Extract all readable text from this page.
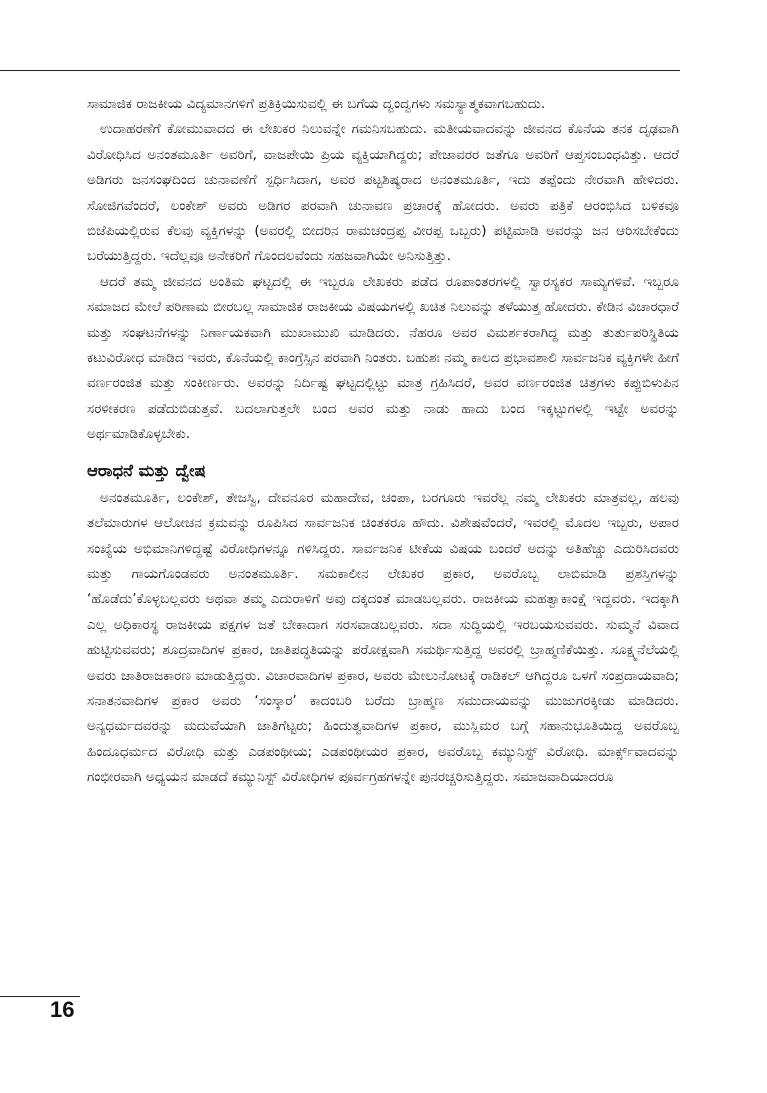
ಸಾಮಾಜಿಕ ರಾಜಕೀಯ ವಿದ್ಯಮಾನಗಳಿಗೆ ಪ್ರತಿಕ್ರಿಯಿಸುವಲ್ಲಿ ಈ ಬಗೆಯ ದ್ವಂದ್ವಗಳು ಸಮಸ್ಯಾತ್ಮಕವಾಗಬಹುದು.

ಉದಾಹರಣೆಗೆ ಕೋಮುವಾದದ ಈ ಲೇಖಕರ ನಿಲುವನ್ನೇ ಗಮನಿಸಬಹುದು. ಮತೀಯವಾದವನ್ನು ಜೀವನದ ಕೊನೆಯ ತನಕ ದೃಢವಾಗಿ ವಿರೋಧಿಸಿದ ಅನಂತಮೂರ್ತಿ ಅವರಿಗೆ, ವಾಜಪೇಯಿ ಪ್ರಿಯ ವ್ಯಕ್ತಿಯಾಗಿದ್ದರು; ಪೇಜಾವರರ ಜತೆಗೂ ಅವರಿಗೆ ಆಪ್ತಸಂಬಂಧವಿತ್ತು. ಆದರೆ ಅಡಿಗರು ಜನಸಂಘದಿಂದ ಚುನಾವಣೆಗೆ ಸ್ಪರ್ಧಿಸಿದಾಗ, ಅವರ ಪಟ್ಟಶಿಷ್ಯರಾದ ಅನಂತಮೂರ್ತಿ, ಇದು ತಪ್ಪೆಂದು ನೇರವಾಗಿ ಹೇಳಿದರು. ಸೋಜಿಗವೆಂದರೆ, ಲಂಕೇಶ್ ಅವರು ಅಡಿಗರ ಪರವಾಗಿ ಚುನಾವಣ ಪ್ರಚಾರಕ್ಕೆ ಹೋದರು. ಅವರು ಪತ್ರಿಕೆ ಆರಂಭಿಸಿದ ಬಳಿಕವೂ ಬಿಜೆಪಿಯಲ್ಲಿರುವ ಕೆಲವು ವ್ಯಕ್ತಿಗಳನ್ನು (ಅವರಲ್ಲಿ ಬೀದರಿನ ರಾಮಚಂದ್ರಪ್ಪ ವೀರಪ್ಪ ಒಬ್ಬರು) ಪಟ್ಟಿಮಾಡಿ ಅವರನ್ನು ಜನ ಆರಿಸಬೇಕೆಂದು ಬರೆಯುತ್ತಿದ್ದರು. ಇದೆಲ್ಲವೂ ಅನೇಕರಿಗೆ ಗೊಂದಲವೆಂದು ಸಹಜವಾಗಿಯೇ ಅನಿಸುತ್ತಿತ್ತು.

ಆದರೆ ತಮ್ಮ ಜೀವನದ ಅಂತಿಮ ಘಟ್ಟದಲ್ಲಿ ಈ ಇಬ್ಬರೂ ಲೇಖಕರು ಪಡೆದ ರೂಪಾಂತರಗಳಲ್ಲಿ ಸ್ವಾರಸ್ಯಕರ ಸಾಮ್ಯಗಳಿವೆ. ಇಬ್ಬರೂ ಸಮಾಜದ ಮೇಲೆ ಪರಿಣಾಮ ಬೀರಬಲ್ಲ ಸಾಮಾಜಿಕ ರಾಜಕೀಯ ವಿಷಯಗಳಲ್ಲಿ ಖಚಿತ ನಿಲುವನ್ನು ತಳೆಯುತ್ತ ಹೋದರು. ಕೇಡಿನ ವಿಚಾರಧಾರೆ ಮತ್ತು ಸಂಘಟನೆಗಳನ್ನು ನಿರ್ಣಾಯಕವಾಗಿ ಮುಖಾಮುಖಿ ಮಾಡಿದರು. ನೆಹರೂ ಅವರ ವಿಮರ್ಶಕರಾಗಿದ್ದ ಮತ್ತು ತುರ್ತುಪರಿಸ್ಥಿತಿಯ ಕಟುವಿರೋಧ ಮಾಡಿದ ಇವರು, ಕೊನೆಯಲ್ಲಿ ಕಾಂಗ್ರೆಸ್ಸಿನ ಪರವಾಗಿ ನಿಂತರು. ಬಹುಶಃ ನಮ್ಮ ಕಾಲದ ಪ್ರಭಾವಶಾಲಿ ಸಾರ್ವಜನಿಕ ವ್ಯಕ್ತಿಗಳೇ ಹೀಗೆ ವರ್ಣರಂಜಿತ ಮತ್ತು ಸಂಕೀರ್ಣರು. ಅವರನ್ನು ನಿರ್ದಿಷ್ಟ ಘಟ್ಟದಲ್ಲಿಟ್ಟು ಮಾತ್ರ ಗ್ರಹಿಸಿದರೆ, ಅವರ ವರ್ಣರಂಜಿತ ಚಿತ್ರಗಳು ಕಪ್ಪುಬಿಳುಪಿನ ಸರಳೀಕರಣ ಪಡೆದುಬಿಡುತ್ತವೆ. ಬದಲಾಗುತ್ತಲೇ ಬಂದ ಅವರ ಮತ್ತು ನಾಡು ಹಾದು ಬಂದ ಇಕ್ಕಟ್ಟುಗಳಲ್ಲಿ ಇಟ್ಟೇ ಅವರನ್ನು ಅರ್ಥಮಾಡಿಕೊಳ್ಳಬೇಕು.

ಆರಾಧನೆ ಮತ್ತು ದ್ವೇಷ

ಅನಂತಮೂರ್ತಿ, ಲಂಕೇಶ್, ತೇಜಸ್ವಿ, ದೇವನೂರ ಮಹಾದೇವ, ಚಂಪಾ, ಬರಗೂರು ಇವರೆಲ್ಲ ನಮ್ಮ ಲೇಖಕರು ಮಾತ್ರವಲ್ಲ, ಹಲವು ತಲೆಮಾರುಗಳ ಆಲೋಚನ ಕ್ರಮವನ್ನು ರೂಪಿಸಿದ ಸಾರ್ವಜನಿಕ ಚಿಂತಕರೂ ಹೌದು. ವಿಶೇಷವೆಂದರೆ, ಇವರಲ್ಲಿ ಮೊದಲ ಇಬ್ಬರು, ಅಪಾರ ಸಂಖ್ಯೆಯ ಅಭಿಮಾನಿಗಳಿದ್ದಷ್ಟೆ ವಿರೋಧಿಗಳನ್ನೂ ಗಳಿಸಿದ್ದರು. ಸಾರ್ವಜನಿಕ ಟೀಕೆಯ ವಿಷಯ ಬಂದರೆ ಅದನ್ನು ಅತಿಹೆಚ್ಚು ಎದುರಿಸಿದವರು ಮತ್ತು ಗಾಯಗೊಂಡವರು ಅನಂತಮೂರ್ತಿ. ಸಮಕಾಲೀನ ಲೇಖಕರ ಪ್ರಕಾರ, ಅವರೊಬ್ಬ ಲಾಬಿಮಾಡಿ ಪ್ರಶಸ್ತಿಗಳನ್ನು ‘ಹೊಡೆದು’ಕೊಳ್ಳಬಲ್ಲವರು ಅಥವಾ ತಮ್ಮ ಎದುರಾಳಿಗೆ ಅವು ದಕ್ಕದಂತೆ ಮಾಡಬಲ್ಲವರು. ರಾಜಕೀಯ ಮಹತ್ವಾಕಾಂಕ್ಷೆ ಇದ್ದವರು. ಇದಕ್ಕಾಗಿ ಎಲ್ಲ ಅಧಿಕಾರಸ್ಥ ರಾಜಕೀಯ ಪಕ್ಷಗಳ ಜತೆ ಬೇಕಾದಾಗ ಸರಸವಾಡಬಲ್ಲವರು. ಸದಾ ಸುದ್ದಿಯಲ್ಲಿ ಇರಬಯಸುವವರು. ಸುಮ್ಮನೆ ವಿವಾದ ಹುಟ್ಟಿಸುವವರು; ಶೂದ್ರವಾದಿಗಳ ಪ್ರಕಾರ, ಜಾತಿಪದ್ಧತಿಯನ್ನು ಪರೋಕ್ಷವಾಗಿ ಸಮರ್ಥಿಸುತ್ತಿದ್ದ ಅವರಲ್ಲಿ ಬ್ರಾಹ್ಮಣಿಕೆಯಿತ್ತು. ಸೂಕ್ಷ್ಮನೆಲೆಯಲ್ಲಿ ಅವರು ಜಾತಿರಾಜಕಾರಣ ಮಾಡುತ್ತಿದ್ದರು. ವಿಚಾರವಾದಿಗಳ ಪ್ರಕಾರ, ಅವರು ಮೇಲುನೋಟಕ್ಕೆ ರಾಡಿಕಲ್ ಆಗಿದ್ದರೂ ಒಳಗೆ ಸಂಪ್ರದಾಯವಾದಿ; ಸನಾತನವಾದಿಗಳ ಪ್ರಕಾರ ಅವರು ‘ಸಂಸ್ಕಾರ’ ಕಾದಂಬರಿ ಬರೆದು ಬ್ರಾಹ್ಮಣ ಸಮುದಾಯವನ್ನು ಮುಜುಗರಕ್ಕೀಡು ಮಾಡಿದರು. ಅನ್ಯಧರ್ಮದವರನ್ನು ಮದುವೆಯಾಗಿ ಜಾತಿಗೆಟ್ಟರು; ಹಿಂದುತ್ವವಾದಿಗಳ ಪ್ರಕಾರ, ಮುಸ್ಲಿಮರ ಬಗ್ಗೆ ಸಹಾನುಭೂತಿಯಿದ್ದ ಅವರೊಬ್ಬ ಹಿಂದೂಧರ್ಮದ ವಿರೋಧಿ ಮತ್ತು ಎಡಪಂಥೀಯ; ಎಡಪಂಥೀಯರ ಪ್ರಕಾರ, ಅವರೊಬ್ಬ ಕಮ್ಯುನಿಸ್ಟ್ ವಿರೋಧಿ. ಮಾರ್ಕ್ಸ್‌ವಾದವನ್ನು ಗಂಭೀರವಾಗಿ ಅಧ್ಯಯನ ಮಾಡದೆ ಕಮ್ಯುನಿಸ್ಟ್ ವಿರೋಧಿಗಳ ಪೂರ್ವಗ್ರಹಗಳನ್ನೇ ಪುನರಚ್ಚರಿಸುತ್ತಿದ್ದರು. ಸಮಾಜವಾದಿಯಾದರೂ

16
